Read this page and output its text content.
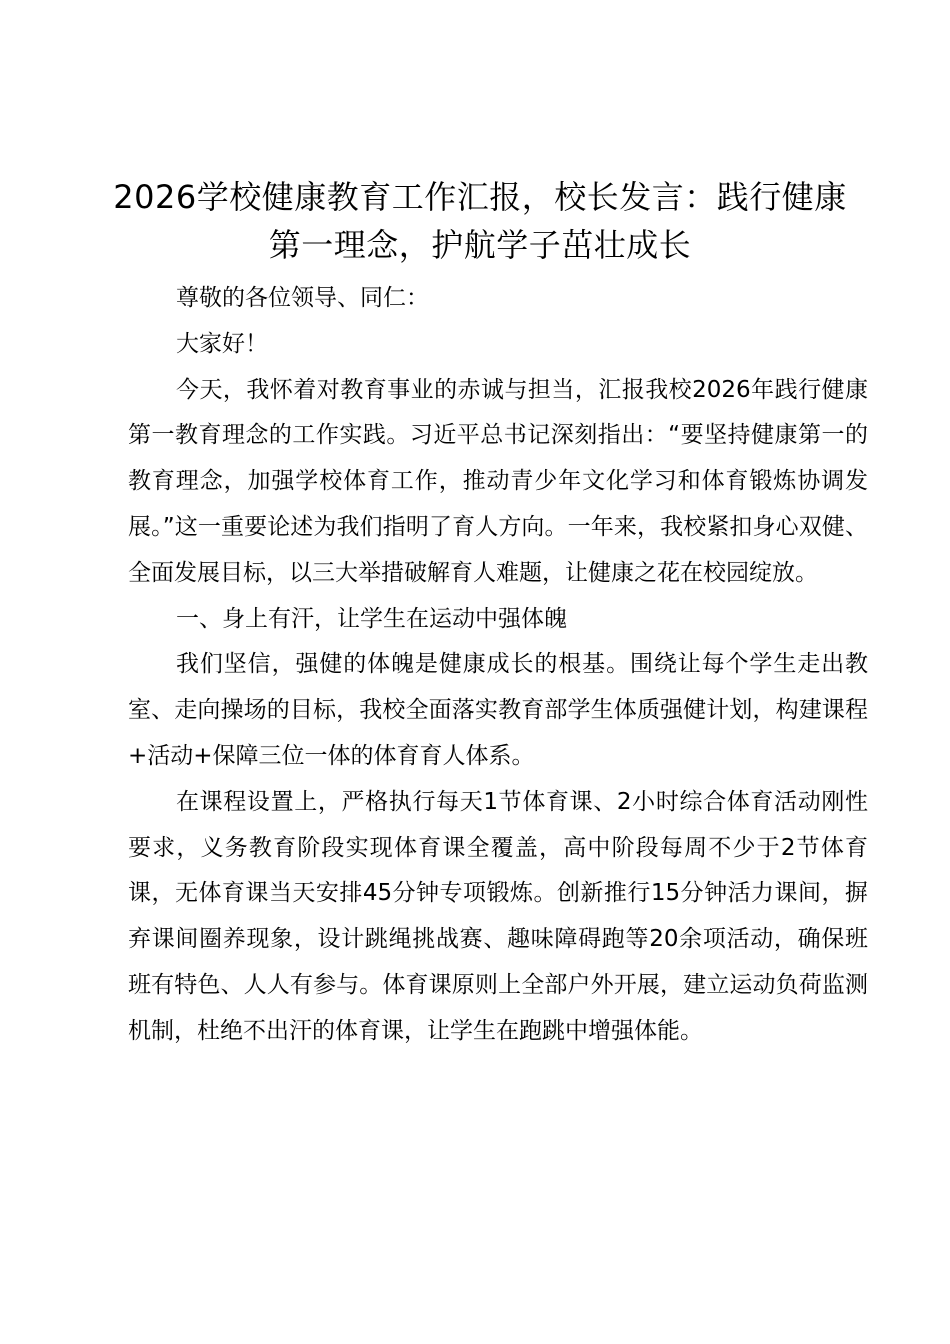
2026学校健康教育工作汇报，校长发言：践行健康第一理念，护航学子茁壮成长

尊敬的各位领导、同仁：

大家好！

今天，我怀着对教育事业的赤诚与担当，汇报我校2026年践行健康第一教育理念的工作实践。习近平总书记深刻指出：“要坚持健康第一的教育理念，加强学校体育工作，推动青少年文化学习和体育锻炼协调发展。”这一重要论述为我们指明了育人方向。一年来，我校紧扣身心双健、全面发展目标，以三大举措破解育人难题，让健康之花在校园绽放。

一、身上有汗，让学生在运动中强体魄

我们坚信，强健的体魄是健康成长的根基。围绕让每个学生走出教室、走向操场的目标，我校全面落实教育部学生体质强健计划，构建课程+活动+保障三位一体的体育育人体系。

在课程设置上，严格执行每天1节体育课、2小时综合体育活动刚性要求，义务教育阶段实现体育课全覆盖，高中阶段每周不少于2节体育课，无体育课当天安排45分钟专项锻炼。创新推行15分钟活力课间，摒弃课间圈养现象，设计跳绳挑战赛、趣味障碍跑等20余项活动，确保班班有特色、人人有参与。体育课原则上全部户外开展，建立运动负荷监测机制，杜绝不出汗的体育课，让学生在跑跳中增强体能。
